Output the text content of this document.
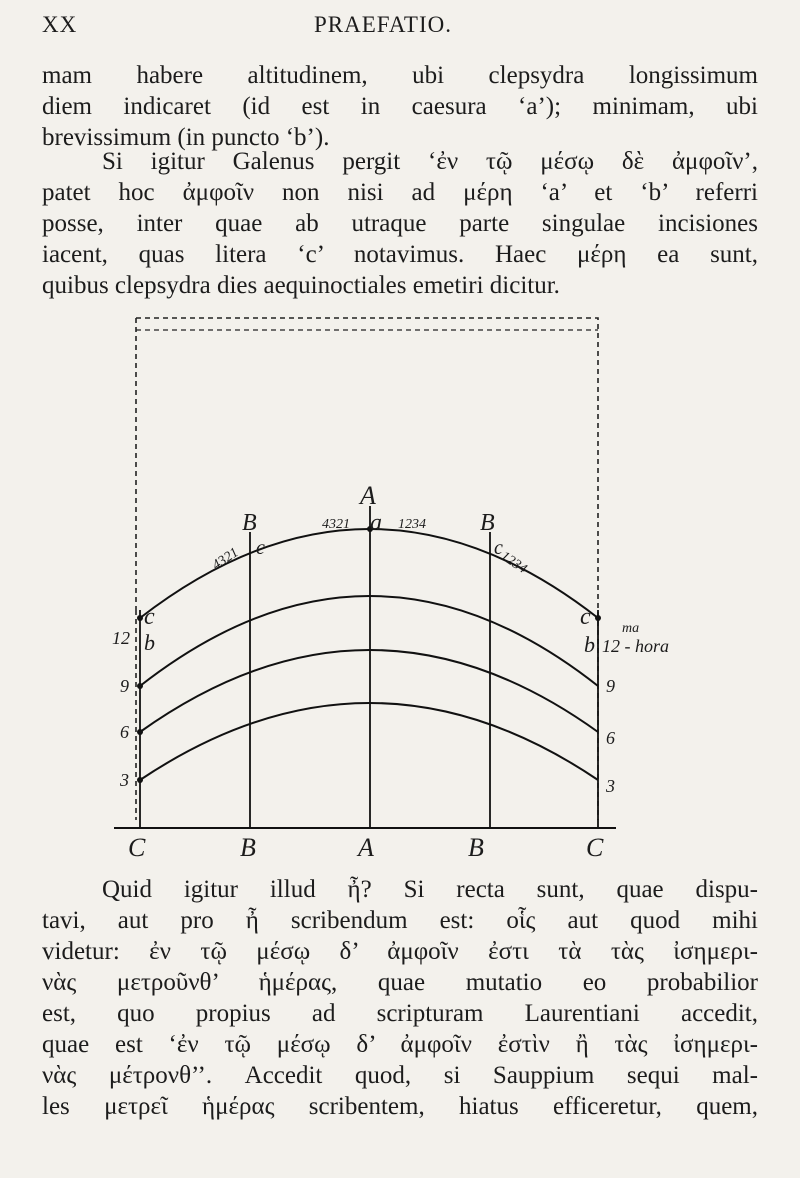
XX	PRAEFATIO.
mam habere altitudinem, ubi clepsydra longissimum
diem indicaret (id est in caesura ‘a’); minimam, ubi
brevissimum (in puncto ‘b’).
Si igitur Galenus pergit ‘ἐν τῷ μέσῳ δὲ ἀμφοῖν’,
patet hoc ἀμφοῖν non nisi ad μέρη ‘a’ et ‘b’ referri
posse, inter quae ab utraque parte singulae incisiones
iacent, quas litera ‘c’ notavimus. Haec μέρη ea sunt,
quibus clepsydra dies aequinoctiales emetiri dicitur.
A
B	B
a
4321	1234
4321	1234
c	c
c
b
12
9
6
3
c
b
ma
12 - hora
9
6
3
C	B	A	B	C
Quid igitur illud ἦ? Si recta sunt, quae dispu-
tavi, aut pro ἦ scribendum est: οἷς aut quod mihi
videtur: ἐν τῷ μέσῳ δ’ ἀμφοῖν ἐστι τὰ τὰς ἰσημερι-
νὰς μετροῦνθ’ ἡμέρας, quae mutatio eo probabilior
est, quo propius ad scripturam Laurentiani accedit,
quae est ‘ἐν τῷ μέσῳ δ’ ἀμφοῖν ἐστὶν ἢ τὰς ἰσημερι-
νὰς μέτρονθ’’. Accedit quod, si Sauppium sequi mal-
les μετρεῖ ἡμέρας scribentem, hiatus efficeretur, quem,
